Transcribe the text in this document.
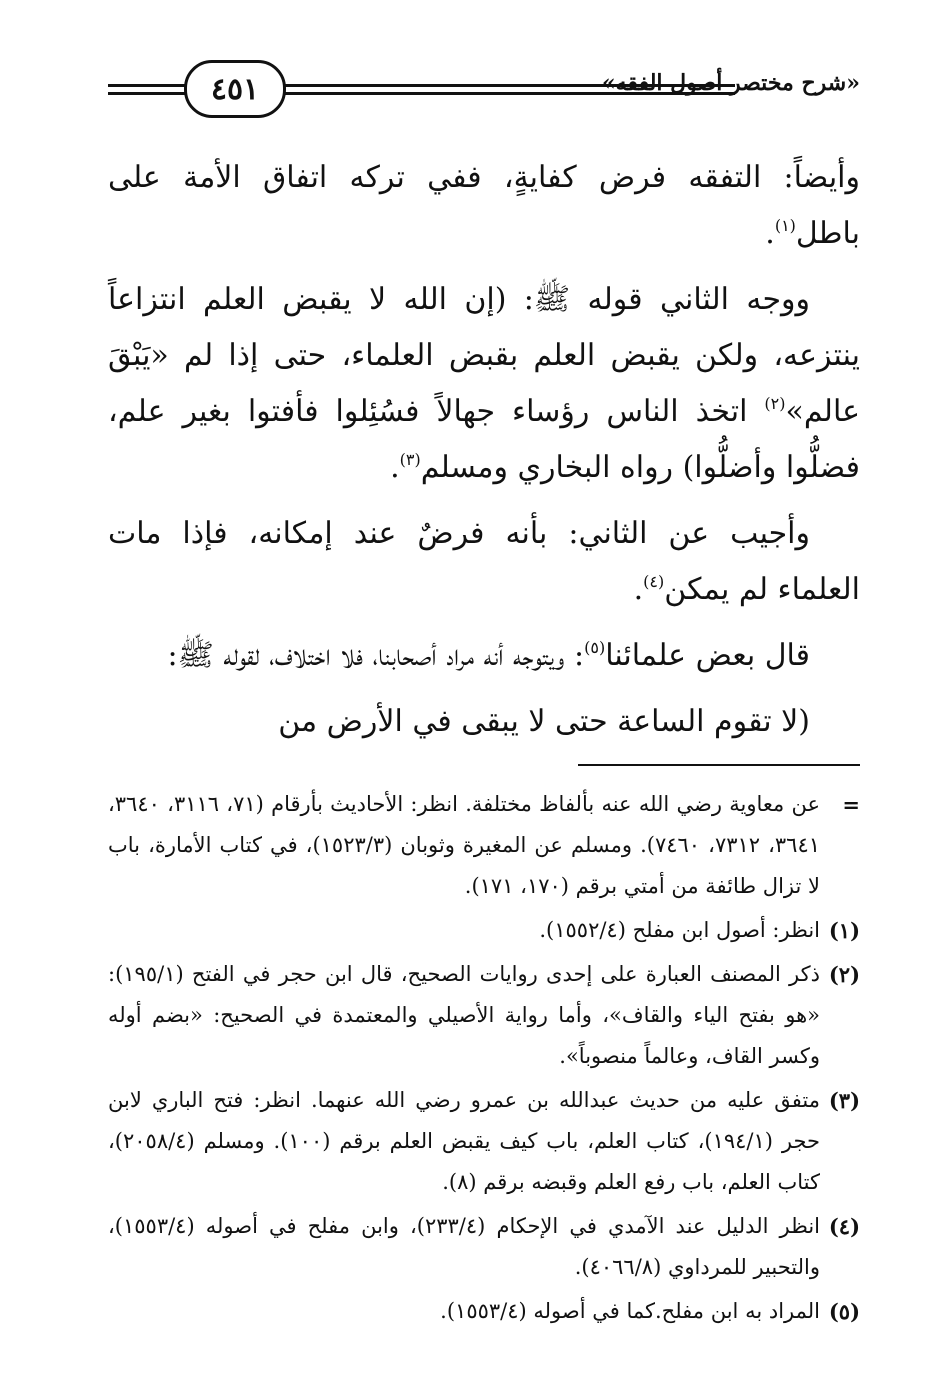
٤٥١	«شرح مختصر أصول الفقه»

وأيضاً: التفقه فرض كفايةٍ، ففي تركه اتفاق الأمة على باطل$^{(١)}$.

ووجه الثاني قوله ﷺ: (إن الله لا يقبض العلم انتزاعاً ينتزعه، ولكن يقبض العلم بقبض العلماء، حتى إذا لم «يَبْقَ عالم»$^{(٢)}$ اتخذ الناس رؤساء جهالاً فسُئِلوا فأفتوا بغير علم، فضلُّوا وأضلُّوا) رواه البخاري ومسلم$^{(٣)}$.

وأجيب عن الثاني: بأنه فرضٌ عند إمكانه، فإذا مات العلماء لم يمكن$^{(٤)}$.

قال بعض علمائنا$^{(٥)}$: ويتوجه أنه مراد أصحابنا، فلا اختلاف، لقوله ﷺ:

(لا تقوم الساعة حتى لا يبقى في الأرض من

=
عن معاوية رضي الله عنه بألفاظ مختلفة. انظر: الأحاديث بأرقام (٧١، ٣١١٦، ٣٦٤٠، ٣٦٤١، ٧٣١٢، ٧٤٦٠). ومسلم عن المغيرة وثوبان (١٥٢٣/٣)، في كتاب الأمارة، باب لا تزال طائفة من أمتي برقم (١٧٠، ١٧١).
(١)
انظر: أصول ابن مفلح (١٥٥٢/٤).
(٢)
ذكر المصنف العبارة على إحدى روايات الصحيح، قال ابن حجر في الفتح (١٩٥/١): «هو بفتح الياء والقاف»، وأما رواية الأصيلي والمعتمدة في الصحيح: «بضم أوله وكسر القاف، وعالماً منصوباً».
(٣)
متفق عليه من حديث عبدالله بن عمرو رضي الله عنهما. انظر: فتح الباري لابن حجر (١٩٤/١)، كتاب العلم، باب كيف يقبض العلم برقم (١٠٠). ومسلم (٢٠٥٨/٤)، كتاب العلم، باب رفع العلم وقبضه برقم (٨).
(٤)
انظر الدليل عند الآمدي في الإحكام (٢٣٣/٤)، وابن مفلح في أصوله (١٥٥٣/٤)، والتحبير للمرداوي (٤٠٦٦/٨).
(٥)
المراد به ابن مفلح.كما في أصوله (١٥٥٣/٤).
